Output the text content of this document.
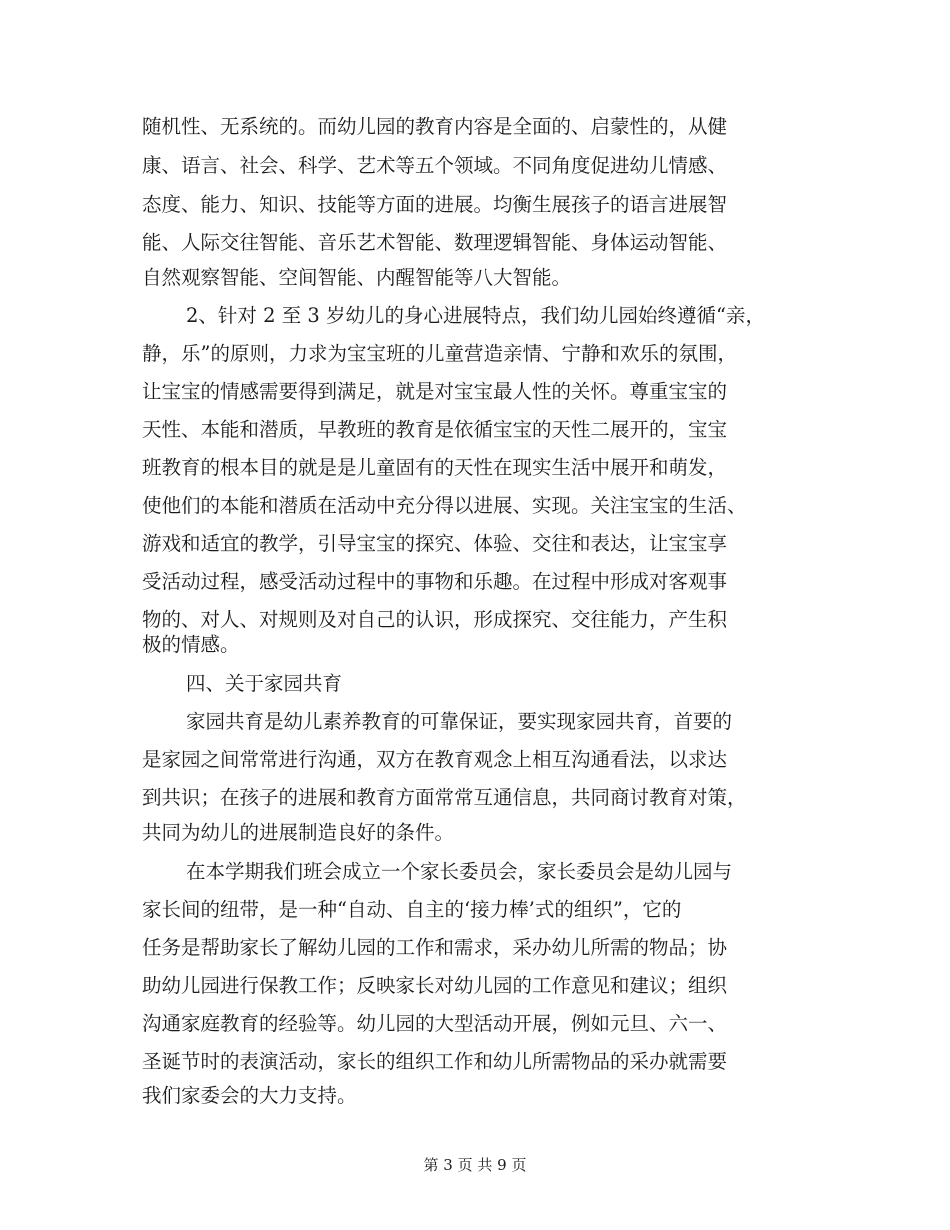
随机性、无系统的。而幼儿园的教育内容是全面的、启蒙性的，从健
康、语言、社会、科学、艺术等五个领域。不同角度促进幼儿情感、
态度、能力、知识、技能等方面的进展。均衡生展孩子的语言进展智
能、人际交往智能、音乐艺术智能、数理逻辑智能、身体运动智能、
自然观察智能、空间智能、内醒智能等八大智能。
2、针对 2 至 3 岁幼儿的身心进展特点，我们幼儿园始终遵循“亲，
静，乐”的原则，力求为宝宝班的儿童营造亲情、宁静和欢乐的氛围，
让宝宝的情感需要得到满足，就是对宝宝最人性的关怀。尊重宝宝的
天性、本能和潜质，早教班的教育是依循宝宝的天性二展开的，宝宝
班教育的根本目的就是是儿童固有的天性在现实生活中展开和萌发，
使他们的本能和潜质在活动中充分得以进展、实现。关注宝宝的生活、
游戏和适宜的教学，引导宝宝的探究、体验、交往和表达，让宝宝享
受活动过程，感受活动过程中的事物和乐趣。在过程中形成对客观事
物的、对人、对规则及对自己的认识，形成探究、交往能力，产生积
极的情感。
四、关于家园共育
家园共育是幼儿素养教育的可靠保证，要实现家园共育，首要的
是家园之间常常进行沟通，双方在教育观念上相互沟通看法，以求达
到共识；在孩子的进展和教育方面常常互通信息，共同商讨教育对策，
共同为幼儿的进展制造良好的条件。
在本学期我们班会成立一个家长委员会，家长委员会是幼儿园与
家长间的纽带，是一种“自动、自主的‘接力棒’式的组织”，它的
任务是帮助家长了解幼儿园的工作和需求，采办幼儿所需的物品；协
助幼儿园进行保教工作；反映家长对幼儿园的工作意见和建议；组织
沟通家庭教育的经验等。幼儿园的大型活动开展，例如元旦、六一、
圣诞节时的表演活动，家长的组织工作和幼儿所需物品的采办就需要
我们家委会的大力支持。
第 3 页 共 9 页
